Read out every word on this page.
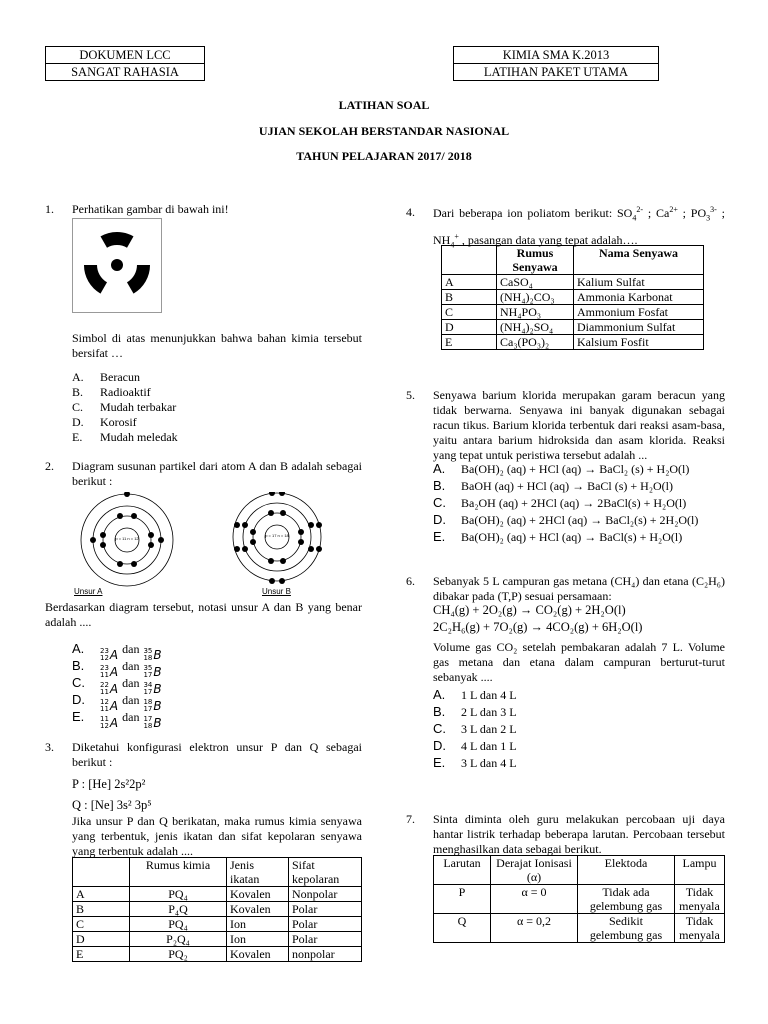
DOKUMEN LCC
SANGAT RAHASIA
KIMIA SMA K.2013
LATIHAN PAKET UTAMA
LATIHAN SOAL
UJIAN SEKOLAH BERSTANDAR NASIONAL
TAHUN PELAJARAN 2017/ 2018
1. Perhatikan gambar di bawah ini!
Simbol di atas menunjukkan bahwa bahan kimia tersebut bersifat …
A. Beracun
B. Radioaktif
C. Mudah terbakar
D. Korosif
E. Mudah meledak
2. Diagram susunan partikel dari atom A dan B adalah sebagai berikut :
p = 11 n = 12
p = 17 n = 18
Unsur A	Unsur B
Berdasarkan diagram tersebut, notasi unsur A dan B yang benar adalah ....
A. 23
12 A dan 35
18 B
B. 23
11 A dan 35
17 B
C. 22
11 A dan 34
17 B
D. 12
11 A dan 18
17 B
E. 11
12 A dan 17
18 B
3. Diketahui konfigurasi elektron unsur P dan Q sebagai berikut :
P : [He] 2s²2p²
Q : [Ne] 3s² 3p⁵
Jika unsur P dan Q berikatan, maka rumus kimia senyawa yang terbentuk, jenis ikatan dan sifat kepolaran senyawa yang terbentuk adalah ....
	Rumus kimia	Jenis ikatan	Sifat kepolaran
A	PQ₄	Kovalen	Nonpolar
B	P₄Q	Kovalen	Polar
C	PQ₄	Ion	Polar
D	P₂Q₄	Ion	Polar
E	PQ₂	Kovalen	nonpolar
4. Dari beberapa ion poliatom berikut: $SO_4^{2-}$ ; $Ca^{2+}$ ; $PO_3^{3-}$ ; $NH_4^+$ , pasangan data yang tepat adalah….
	Rumus Senyawa	Nama Senyawa
A	CaSO₄	Kalium Sulfat
B	(NH₄)₂CO₃	Ammonia Karbonat
C	NH₄PO₃	Ammonium Fosfat
D	(NH₄)₂SO₄	Diammonium Sulfat
E	Ca₃(PO₃)₂	Kalsium Fosfit
5. Senyawa barium klorida merupakan garam beracun yang tidak berwarna. Senyawa ini banyak digunakan sebagai racun tikus. Barium klorida terbentuk dari reaksi asam-basa, yaitu antara barium hidroksida dan asam klorida. Reaksi yang tepat untuk peristiwa tersebut adalah ...
A. Ba(OH)₂ (aq) + HCl (aq) → BaCl₂ (s) + H₂O(l)
B. BaOH (aq) + HCl (aq) → BaCl (s) + H₂O(l)
C. Ba₂OH (aq) + 2HCl (aq) → 2BaCl(s) + H₂O(l)
D. Ba(OH)₂ (aq) + 2HCl (aq) → BaCl₂(s) + 2H₂O(l)
E. Ba(OH)₂ (aq) + HCl (aq) → BaCl(s) + H₂O(l)
6. Sebanyak 5 L campuran gas metana (CH₄) dan etana (C₂H₆) dibakar pada (T,P) sesuai persamaan:
CH₄(g) + 2O₂(g) → CO₂(g) + 2H₂O(l)
2C₂H₆(g) + 7O₂(g) → 4CO₂(g) + 6H₂O(l)
Volume gas CO₂ setelah pembakaran adalah 7 L. Volume gas metana dan etana dalam campuran berturut-turut sebanyak ....
A. 1 L dan 4 L
B. 2 L dan 3 L
C. 3 L dan 2 L
D. 4 L dan 1 L
E. 3 L dan 4 L
7. Sinta diminta oleh guru melakukan percobaan uji daya hantar listrik terhadap beberapa larutan. Percobaan tersebut menghasilkan data sebagai berikut.
Larutan	Derajat Ionisasi (α)	Elektoda	Lampu
P	α = 0	Tidak ada gelembung gas	Tidak menyala
Q	α = 0,2	Sedikit gelembung gas	Tidak menyala
